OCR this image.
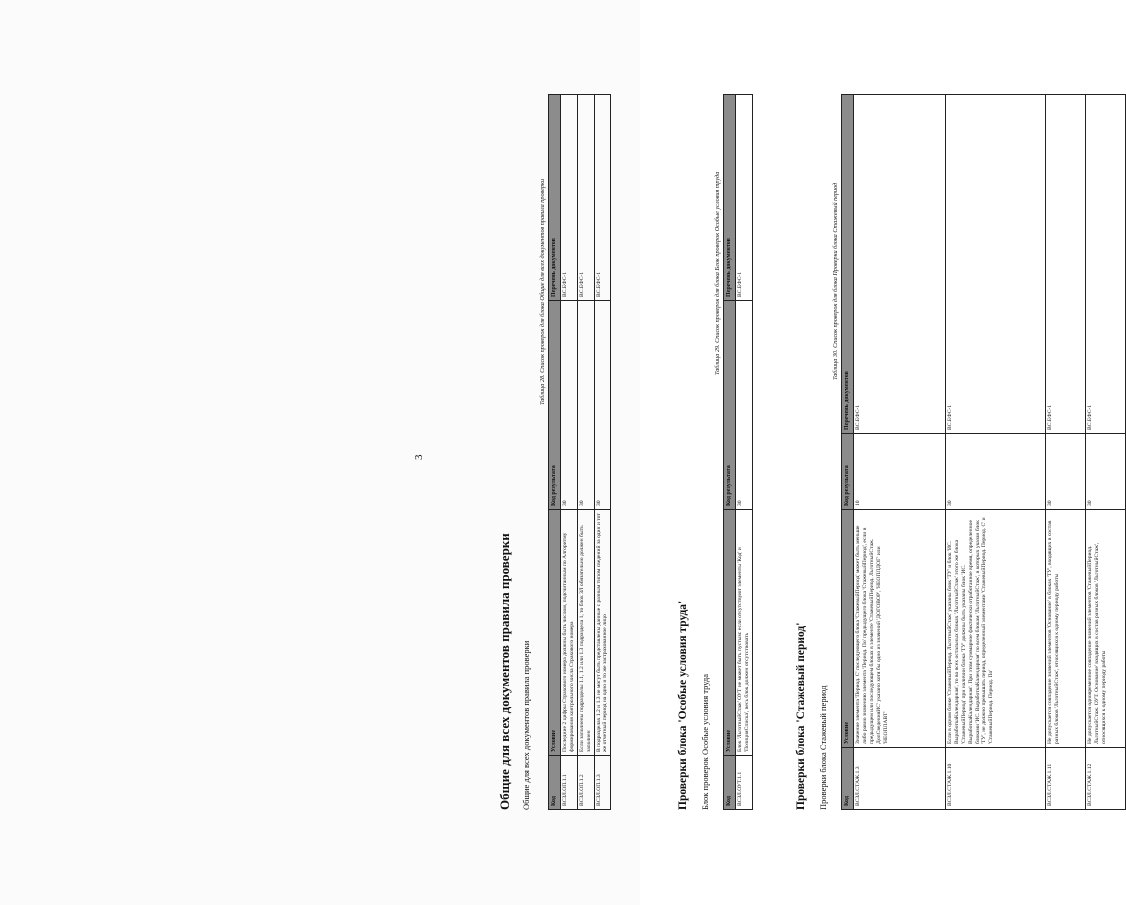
3
Общие для всех документов правила проверки Общие для всех документов правила проверки
Таблица 28. Список проверок для блока Общие для всех документов правила проверки
Код	Условие	Код результата	Перечень документов
ВСЗЛ.ОП.1.1	Последние 2 цифры Страхового номера должны быть числом, подсчитанным по Алгоритму формирования контрольного числа Страхового номера	30	ВС.ЕФС-1
ВСЗЛ.ОП.1.2	Если заполнены подразделы 1.1, 1.2 или 1.3 подраздела 1, то блок ЗЛ обязательно должен быть заполнен	30	ВС.ЕФС-1
ВСЗЛ.ОП.1.3	В подразделах 1.2 и 1.3 не могут быть представлены данные с разным типом сведений за один и тот же отчетный период на одно и то же застрахованное лицо	30	ВС.ЕФС-1
Проверки блока 'Особые условия труда' Блок проверок Особые условия труда
Таблица 29. Список проверок для блока Блок проверок Особые условия труда
Код	Условие	Код результата	Перечень документов
ВСЗЛ.ОУТ.1.1	Блок 'ЛьготныйСтаж' ОУТ не может быть пустым: если отсутствуют элементы 'Код' и 'ПозицияСписка', весь блок должен отсутствовать	30	ВС.ЕФС-1
Проверки блока 'Стажевый период' Проверки блока Стажевый период
Таблица 30. Список проверок для блока Проверки блока Стажевый период
Код	Условие	Код результата	Перечень документов
ВСЗЛ.СТАЖ.1.3	Значение элемента 'Период. С' последующего блока 'СтажевыйПериод' может быть меньше либо равно значению элемента 'Период. По' предыдущего блока 'СтажевыйПериод', если в предыдущем или последующем блоках в элементе 'СтажевыйПериод. ЛьготныйСтаж. ДопСведенияИС' указано хотя бы одно из значений 'ДОГОВОР', 'НЕОПЛДОГ' или 'НЕОПЛАВТ'	10	ВС.ЕФС-1
ВСЗЛ.СТАЖ.1.10	Если в одном блоке 'СтажевыйПериод. ЛьготныйСтаж' указаны блок 'ТУ' и блок 'ИС. ВыработкаКалендарная', то во всех остальных блоках 'ЛьготныйСтаж' этого же блока 'СтажевыйПериод' при наличии блока 'ТУ' должны быть указаны блок 'ИС. ВыработкаКалендарная'. При этом суммарное фактически отработанное время, определенное блоками 'ИС. ВыработкаКалендарная' по всем блокам 'ЛьготныйСтаж', в которых указан блок 'ТУ', не должно превышать период, определенный элементами 'СтажевыйПериод. Период. С' и 'СтажевыйПериод. Период. По'	30	ВС.ЕФС-1
ВСЗЛ.СТАЖ.1.11	Не допускается совпадение значений элементов 'Основание' в блоках 'ТУ', входящих в состав разных блоков 'ЛьготныйСтаж', относящихся к одному периоду работы	30	ВС.ЕФС-1
ВСЗЛ.СТАЖ.1.12	Не допускается одновременное совпадение значений элементов 'СтажевыйПериод. ЛьготныйСтаж. ОУТ. Основание' входящих в состав разных блоков 'ЛьготныйСтаж', относящихся к одному периоду работы	30	ВС.ЕФС-1
